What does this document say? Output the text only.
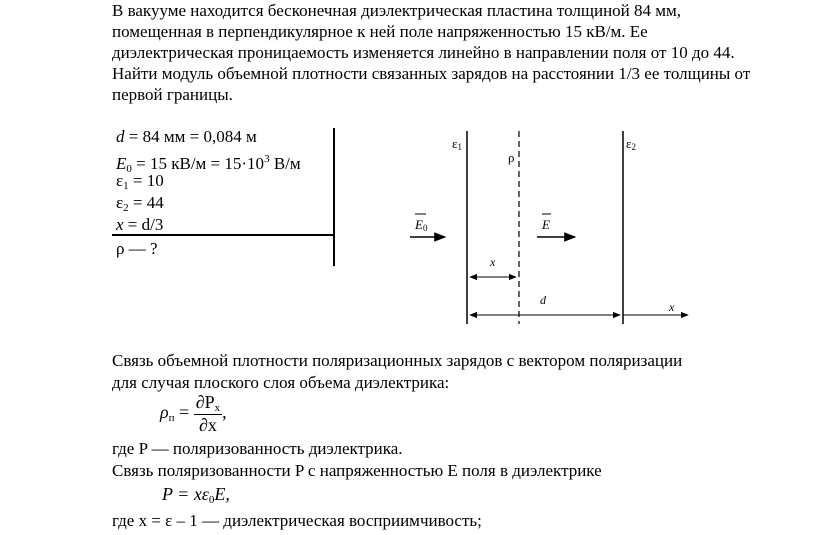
В вакууме находится бесконечная диэлектрическая пластина толщиной 84 мм, помещенная в перпендикулярное к ней поле напряженностью 15 кВ/м. Ее диэлектрическая проницаемость изменяется линейно в направлении поля от 10 до 44. Найти модуль объемной плотности связанных зарядов на расстоянии 1/3 ее толщины от первой границы.
d = 84 мм = 0,084 м
$E_0 = 15$ $кВ/м = 15\cdot 10^3$ В/м
$\varepsilon_1 = 10$
$\varepsilon_2 = 44$
x = d/3
ρ — ?
ε1	ε2
ρ
E0	E
x
d	x
Связь объемной плотности поляризационных зарядов с вектором поляризации
для случая плоского слоя объема диэлектрика:
$\rho_п = \frac{\partial P_x}{\partial x}$ ,
где P — поляризованность диэлектрика.
Связь поляризованности P с напряженностью E поля в диэлектрике
$P = x\varepsilon_0E$,
где x = ε – 1 — диэлектрическая восприимчивость;
